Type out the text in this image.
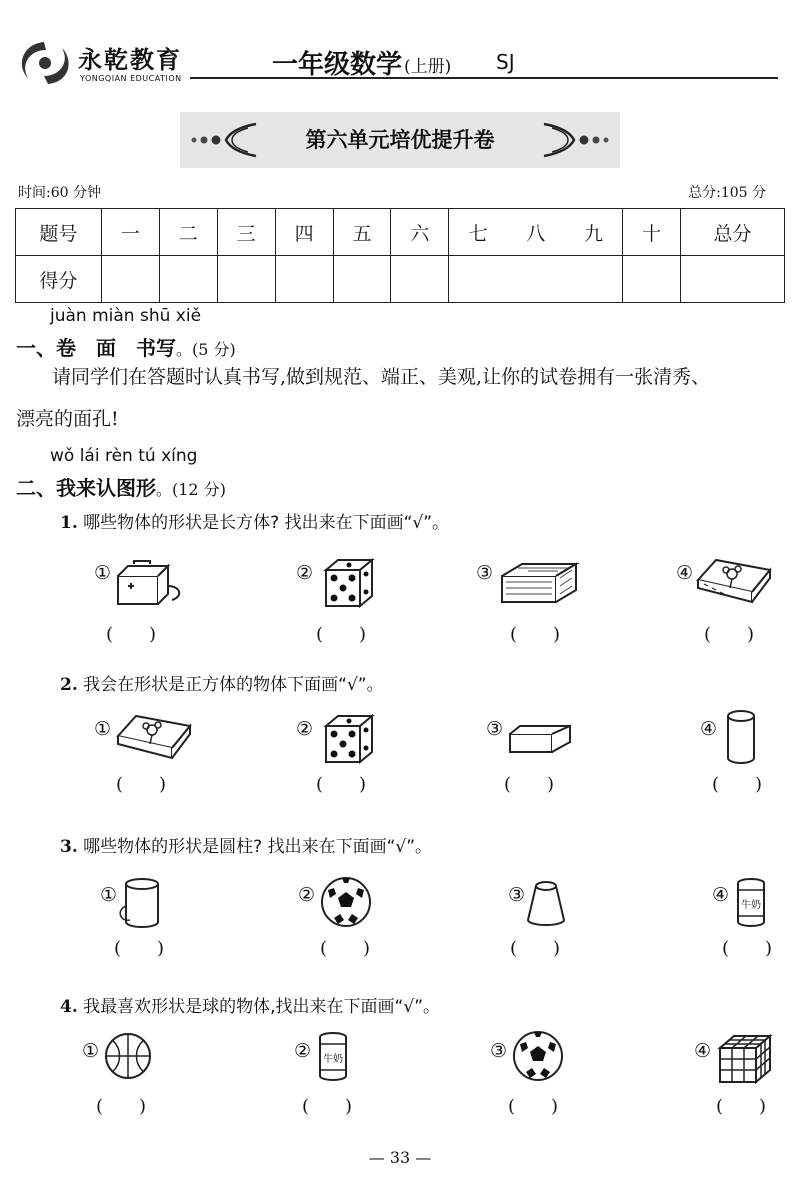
永乾教育
YONGQIAN EDUCATION	一年级数学 (上册) SJ
第六单元培优提升卷
时间:60 分钟	总分:105 分
题号	一	二	三	四	五	六	七	八	九	十	总分
得分											
juàn miàn shū xiě
一、卷　面　书写。(5 分)
请同学们在答题时认真书写,做到规范、端正、美观,让你的试卷拥有一张清秀、
漂亮的面孔!
wǒ lái rèn tú xíng
二、我来认图形。(12 分)
1. 哪些物体的形状是长方体? 找出来在下面画“√”。
①
(　　)
②
(　　)
③
(　　)
④
(　　)
2. 我会在形状是正方体的物体下面画“√”。
①
(　　)
②
(　　)
③
(　　)
④
(　　)
3. 哪些物体的形状是圆柱? 找出来在下面画“√”。
①
(　　)
②
(　　)
③
(　　)
④ 牛奶
(　　)
4. 我最喜欢形状是球的物体,找出来在下面画“√”。
①
(　　)
② 牛奶
(　　)
③
(　　)
④
(　　)
— 33 —
